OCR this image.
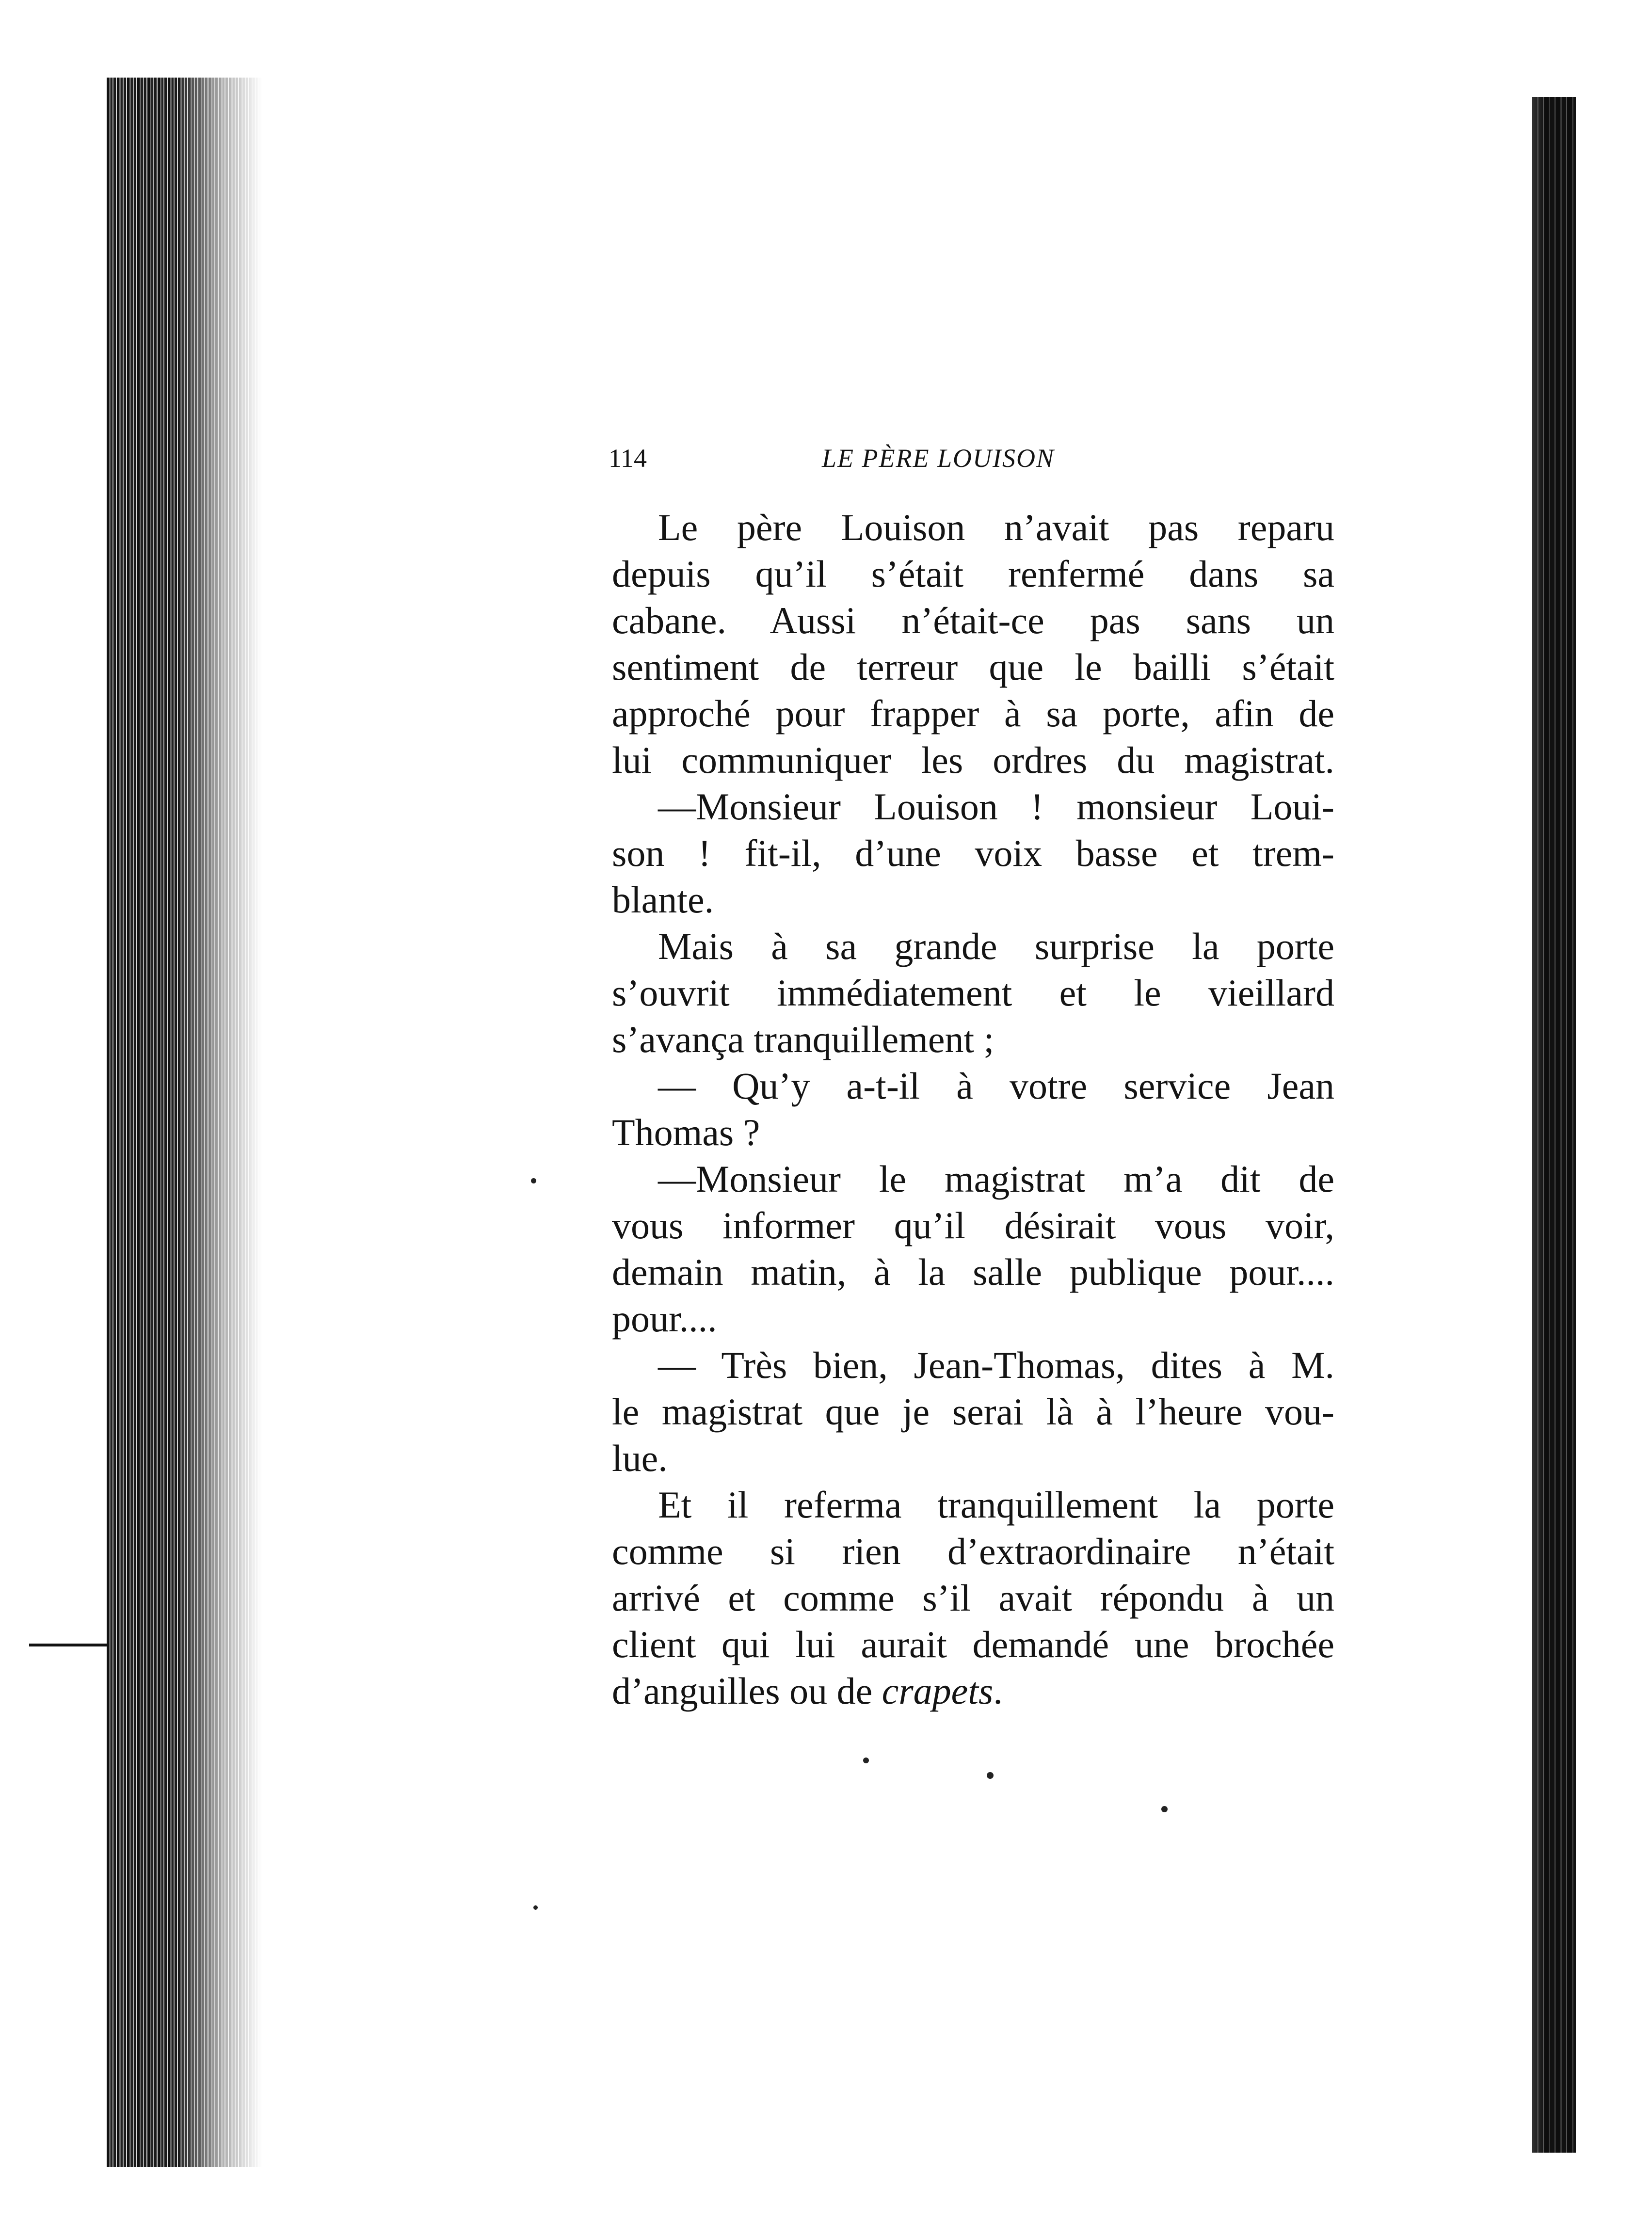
114	LE PÈRE LOUISON

Le père Louison n’avait pas reparu
depuis qu’il s’était renfermé dans sa
cabane. Aussi n’était-ce pas sans un
sentiment de terreur que le bailli s’était
approché pour frapper à sa porte, afin de
lui communiquer les ordres du magistrat.

—Monsieur Louison ! monsieur Loui-
son ! fit-il, d’une voix basse et trem-
blante.

Mais à sa grande surprise la porte
s’ouvrit immédiatement et le vieillard
s’avança tranquillement ;

— Qu’y a-t-il à votre service Jean
Thomas ?

—Monsieur le magistrat m’a dit de
vous informer qu’il désirait vous voir,
demain matin, à la salle publique pour....
pour....

— Très bien, Jean-Thomas, dites à M.
le magistrat que je serai là à l’heure vou-
lue.

Et il referma tranquillement la porte
comme si rien d’extraordinaire n’était
arrivé et comme s’il avait répondu à un
client qui lui aurait demandé une brochée
d’anguilles ou de crapets.
